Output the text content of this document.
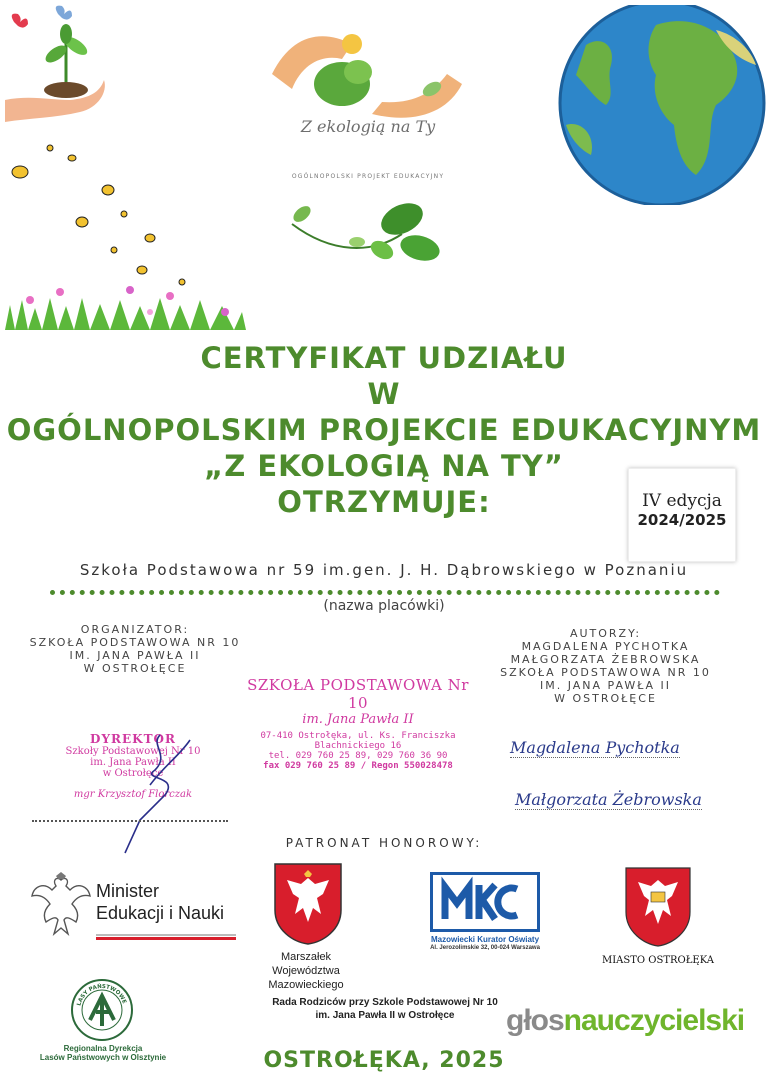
Z ekologią na Ty
OGÓLNOPOLSKI PROJEKT EDUKACYJNY
CERTYFIKAT UDZIAŁU
W
OGÓLNOPOLSKIM PROJEKCIE EDUKACYJNYM
„Z EKOLOGIĄ NA TY”
OTRZYMUJE:	IV edycja
2024/2025
Szkoła Podstawowa nr 59 im.gen. J. H. Dąbrowskiego w Poznaniu
(nazwa placówki)
ORGANIZATOR:
SZKOŁA PODSTAWOWA NR 10
IM. JANA PAWŁA II
W OSTROŁĘCE
AUTORZY:
MAGDALENA PYCHOTKA
MAŁGORZATA ŻEBROWSKA
SZKOŁA PODSTAWOWA NR 10
IM. JANA PAWŁA II
W OSTROŁĘCE
SZKOŁA PODSTAWOWA Nr 10
im. Jana Pawła II
07-410 Ostrołęka, ul. Ks. Franciszka Blachnickiego 16
tel. 029 760 25 89, 029 760 36 90
fax 029 760 25 89 / Regon 550028478
DYREKTOR
Szkoły Podstawowej Nr 10
im. Jana Pawła II
w Ostrołęce
mgr Krzysztof Florczak
Magdalena Pychotka
Małgorzata Żebrowska
PATRONAT HONOROWY:
Minister
Edukacji i Nauki
Marszałek
Województwa Mazowieckiego
Mazowiecki Kurator Oświaty
Al. Jerozolimskie 32, 00-024 Warszawa
MIASTO OSTROŁĘKA
LASY PAŃSTWOWE
Regionalna Dyrekcja
Lasów Państwowych w Olsztynie
Rada Rodziców przy Szkole Podstawowej Nr 10
im. Jana Pawła II w Ostrołęce	głosnauczycielski
OSTROŁĘKA, 2025
